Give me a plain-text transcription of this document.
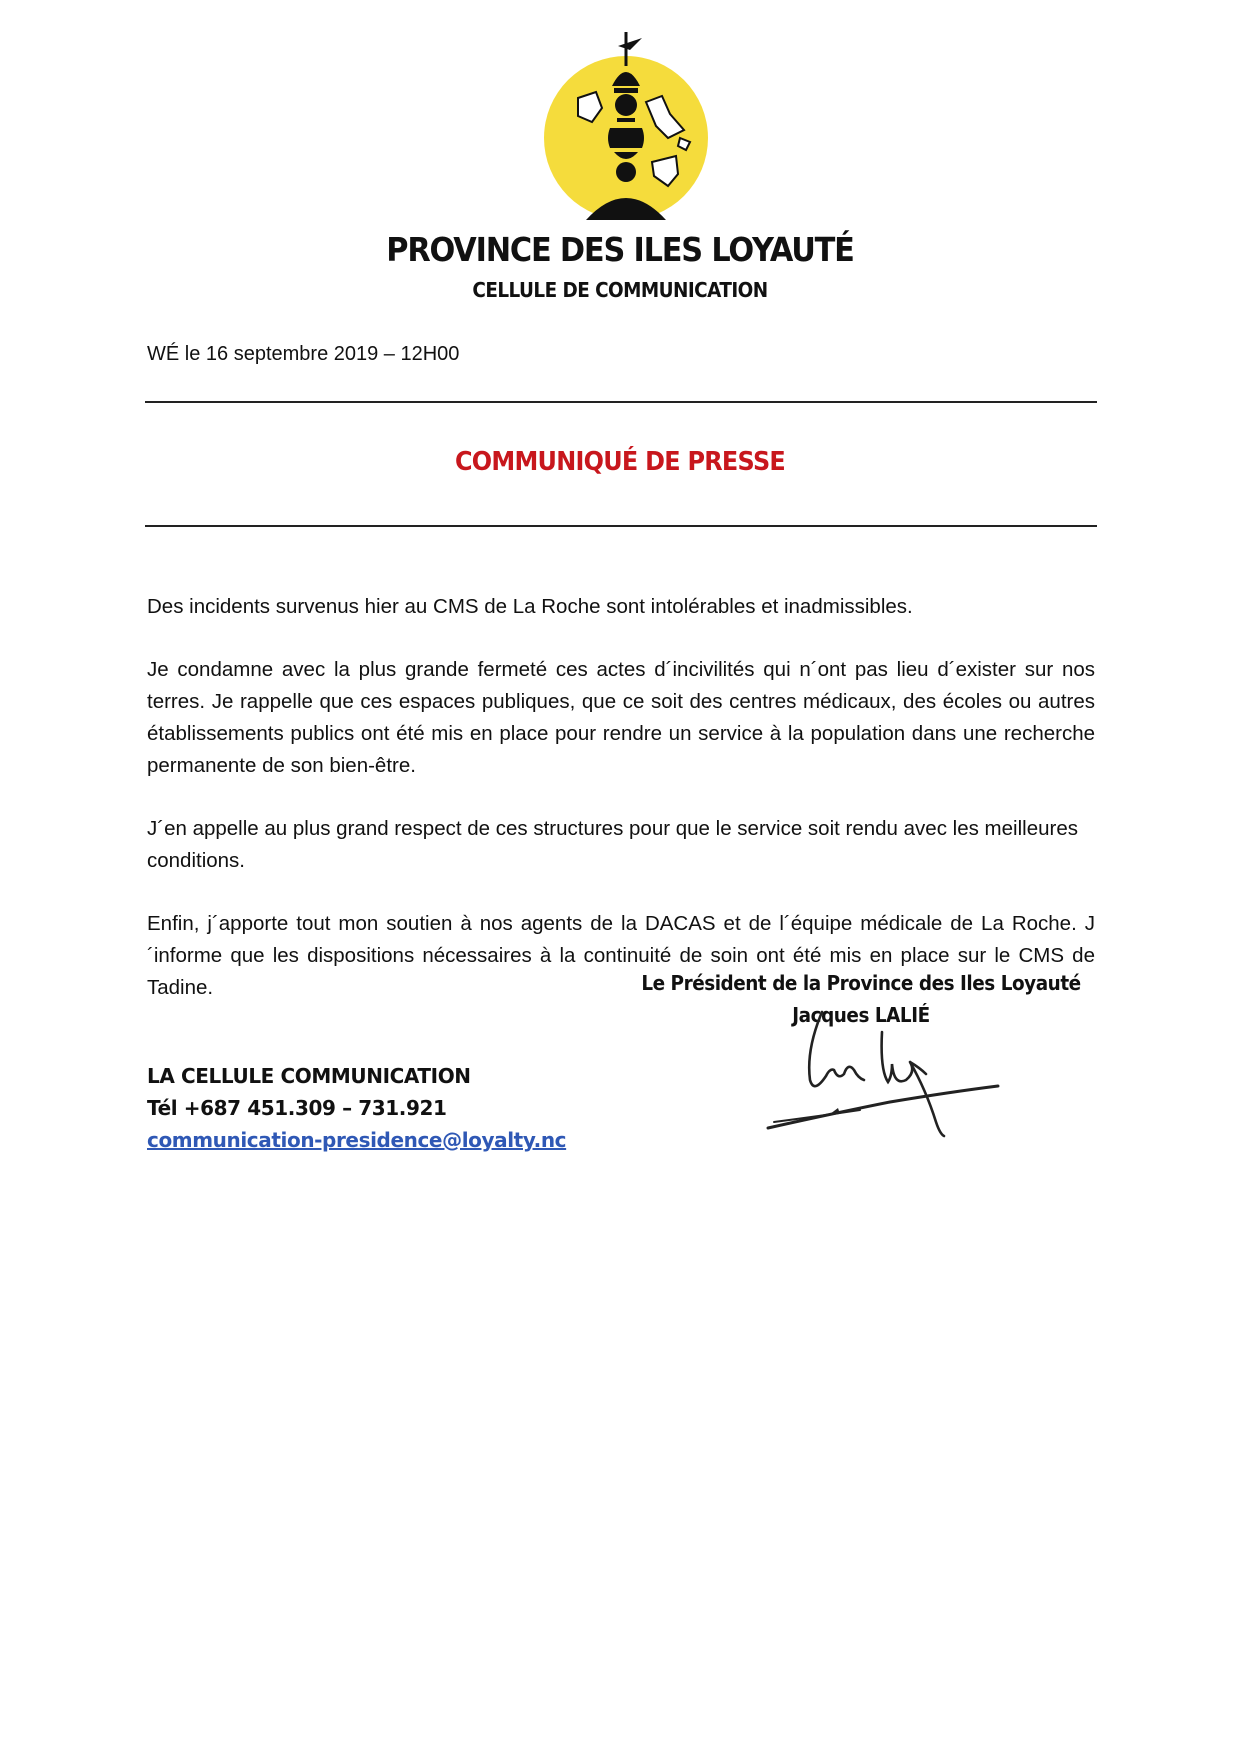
PROVINCE DES ILES LOYAUTÉ
CELLULE DE COMMUNICATION
WÉ le 16 septembre 2019 – 12H00
COMMUNIQUÉ DE PRESSE

Des incidents survenus hier au CMS de La Roche sont intolérables et inadmissibles.

Je condamne avec la plus grande fermeté ces actes d´incivilités qui n´ont pas lieu d´exister sur nos terres. Je rappelle que ces espaces publiques, que ce soit des centres médicaux, des écoles ou autres établissements publics ont été mis en place pour rendre un service à la population dans une recherche permanente de son bien-être.

J´en appelle au plus grand respect de ces structures pour que le service soit rendu avec les meilleures conditions.

Enfin, j´apporte tout mon soutien à nos agents de la DACAS et de l´équipe médicale de La Roche. J´informe que les dispositions nécessaires à la continuité de soin ont été mis en place sur le CMS de Tadine.	Le Président de la Province des Iles Loyauté
Jacques LALIÉ
LA CELLULE COMMUNICATION
Tél +687 451.309 – 731.921
communication-presidence@loyalty.nc
